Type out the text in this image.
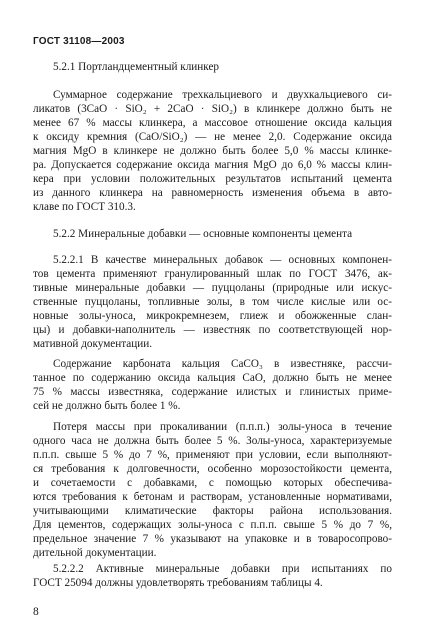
ГОСТ 31108—2003
5.2.1 Портландцементный клинкер
Суммарное содержание трехкальциевого и двухкальциевого си-
ликатов (3CaO · SiO₂ + 2CaO · SiO₂) в клинкере должно быть не
менее 67 % массы клинкера, а массовое отношение оксида кальция
к оксиду кремния (CaO/SiO₂) — не менее 2,0. Содержание оксида
магния MgO в клинкере не должно быть более 5,0 % массы клинке-
ра. Допускается содержание оксида магния MgO до 6,0 % массы клин-
кера при условии положительных результатов испытаний цемента
из данного клинкера на равномерность изменения объема в авто-
клаве по ГОСТ 310.3.
5.2.2 Минеральные добавки — основные компоненты цемента
5.2.2.1 В качестве минеральных добавок — основных компонен-
тов цемента применяют гранулированный шлак по ГОСТ 3476, ак-
тивные минеральные добавки — пуццоланы (природные или искус-
ственные пуццоланы, топливные золы, в том числе кислые или ос-
новные золы-уноса, микрокремнезем, глиеж и обожженные слан-
цы) и добавки-наполнитель — известняк по соответствующей нор-
мативной документации.
Содержание карбоната кальция CaCO₃ в известняке, рассчи-
танное по содержанию оксида кальция CaO, должно быть не менее
75 % массы известняка, содержание илистых и глинистых приме-
сей не должно быть более 1 %.
Потеря массы при прокаливании (п.п.п.) золы-уноса в течение
одного часа не должна быть более 5 %. Золы-уноса, характеризуемые
п.п.п. свыше 5 % до 7 %, применяют при условии, если выполняют-
ся требования к долговечности, особенно морозостойкости цемента,
и сочетаемости с добавками, с помощью которых обеспечива-
ются требования к бетонам и растворам, установленные нормативами,
учитывающими климатические факторы района использования.
Для цементов, содержащих золы-уноса с п.п.п. свыше 5 % до 7 %,
предельное значение 7 % указывают на упаковке и в товаросопрово-
дительной документации.
5.2.2.2 Активные минеральные добавки при испытаниях по
ГОСТ 25094 должны удовлетворять требованиям таблицы 4.
8
